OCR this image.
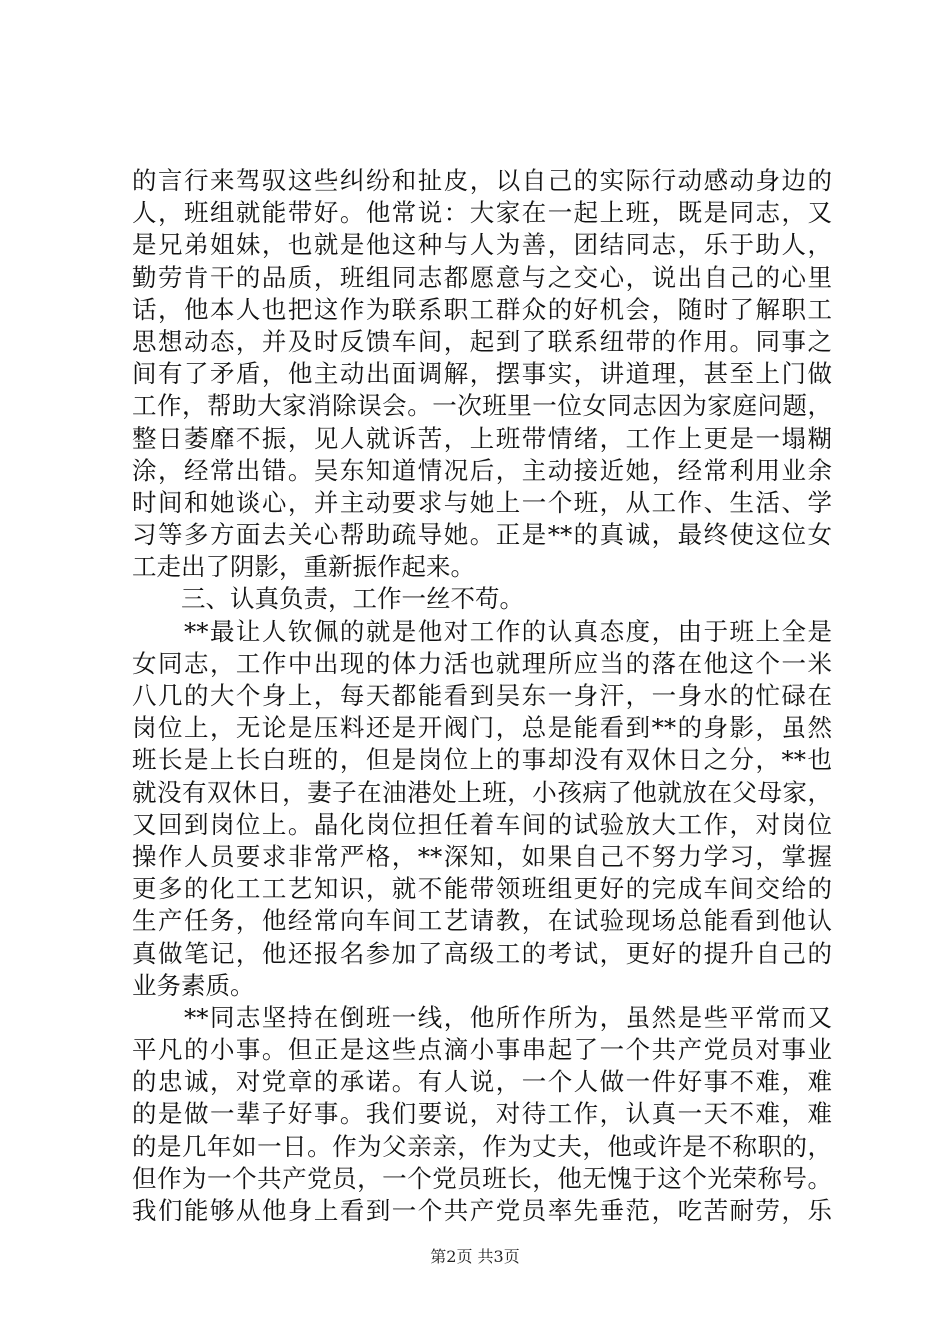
的言行来驾驭这些纠纷和扯皮，以自己的实际行动感动身边的
人，班组就能带好。他常说：大家在一起上班，既是同志，又
是兄弟姐妹，也就是他这种与人为善，团结同志，乐于助人，
勤劳肯干的品质，班组同志都愿意与之交心，说出自己的心里
话，他本人也把这作为联系职工群众的好机会，随时了解职工
思想动态，并及时反馈车间，起到了联系纽带的作用。同事之
间有了矛盾，他主动出面调解，摆事实，讲道理，甚至上门做
工作，帮助大家消除误会。一次班里一位女同志因为家庭问题，
整日萎靡不振，见人就诉苦，上班带情绪，工作上更是一塌糊
涂，经常出错。吴东知道情况后，主动接近她，经常利用业余
时间和她谈心，并主动要求与她上一个班，从工作、生活、学
习等多方面去关心帮助疏导她。正是**的真诚，最终使这位女
工走出了阴影，重新振作起来。
　　三、认真负责，工作一丝不苟。
　　**最让人钦佩的就是他对工作的认真态度，由于班上全是
女同志，工作中出现的体力活也就理所应当的落在他这个一米
八几的大个身上，每天都能看到吴东一身汗，一身水的忙碌在
岗位上，无论是压料还是开阀门，总是能看到**的身影，虽然
班长是上长白班的，但是岗位上的事却没有双休日之分，**也
就没有双休日，妻子在油港处上班，小孩病了他就放在父母家，
又回到岗位上。晶化岗位担任着车间的试验放大工作，对岗位
操作人员要求非常严格，**深知，如果自己不努力学习，掌握
更多的化工工艺知识，就不能带领班组更好的完成车间交给的
生产任务，他经常向车间工艺请教，在试验现场总能看到他认
真做笔记，他还报名参加了高级工的考试，更好的提升自己的
业务素质。
　　**同志坚持在倒班一线，他所作所为，虽然是些平常而又
平凡的小事。但正是这些点滴小事串起了一个共产党员对事业
的忠诚，对党章的承诺。有人说，一个人做一件好事不难，难
的是做一辈子好事。我们要说，对待工作，认真一天不难，难
的是几年如一日。作为父亲亲，作为丈夫，他或许是不称职的，
但作为一个共产党员，一个党员班长，他无愧于这个光荣称号。
我们能够从他身上看到一个共产党员率先垂范，吃苦耐劳，乐
第2页 共3页
